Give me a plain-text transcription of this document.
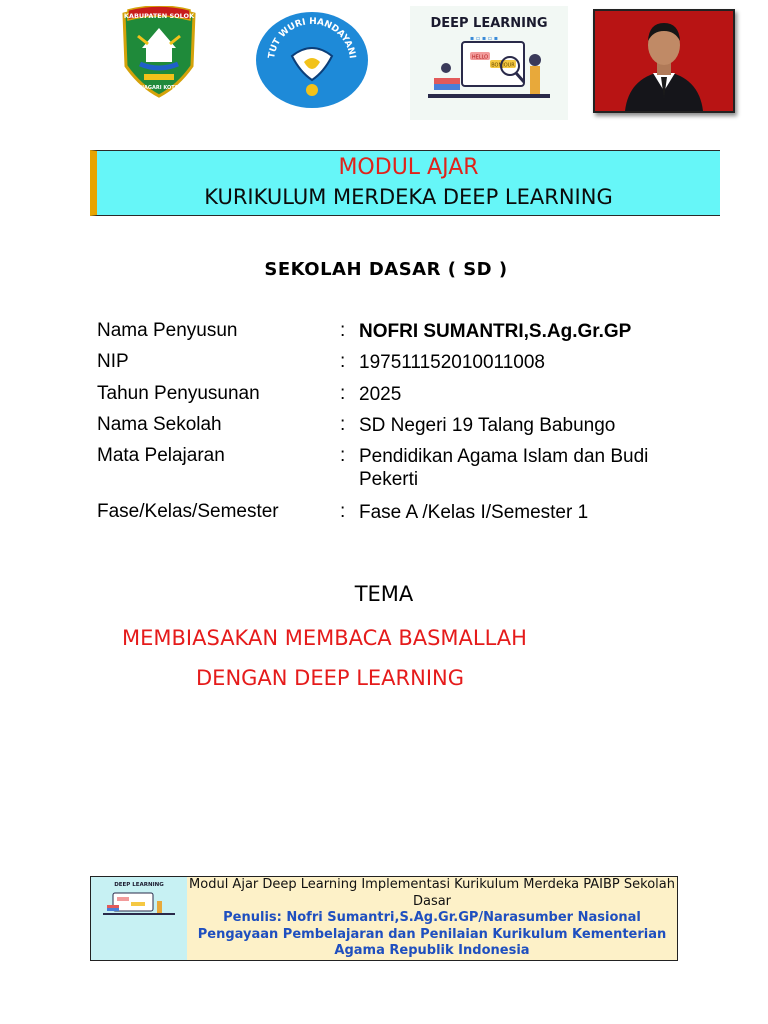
KABUPATEN SOLOK
NAGARI KOTA
TUT WURI HANDAYANI
DEEP LEARNING
HELLO
BONJOUR
▪ ▫ ▪ ▫ ▪
MODUL AJAR
KURIKULUM MERDEKA DEEP LEARNING
SEKOLAH DASAR ( SD )
Nama Penyusun	: NOFRI SUMANTRI,S.Ag.Gr.GP
NIP	: 197511152010011008
Tahun Penyusunan	: 2025
Nama Sekolah	: SD Negeri 19 Talang Babungo
Mata Pelajaran	: Pendidikan Agama Islam dan Budi Pekerti
Fase/Kelas/Semester	: Fase A /Kelas I/Semester 1
TEMA
MEMBIASAKAN MEMBACA BASMALLAH
DENGAN DEEP LEARNING
DEEP LEARNING Modul Ajar Deep Learning Implementasi Kurikulum Merdeka PAIBP Sekolah Dasar
Penulis: Nofri Sumantri,S.Ag.Gr.GP/Narasumber Nasional Pengayaan Pembelajaran dan Penilaian Kurikulum Kementerian Agama Republik Indonesia
